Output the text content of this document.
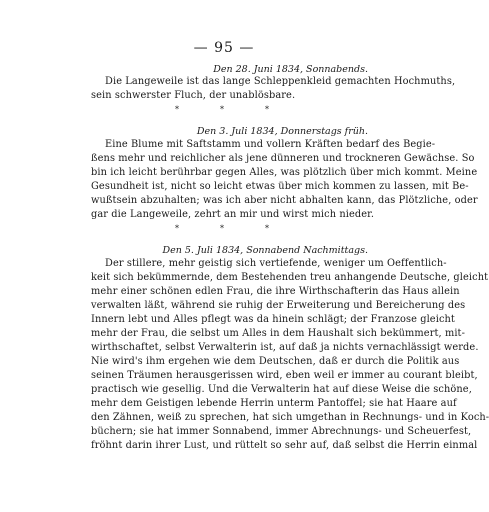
— 95 —
Den 28. Juni 1834, Sonnabends.
Die Langeweile ist das lange Schleppenkleid gemachten Hochmuths,
sein schwerster Fluch, der unablösbare.
*	*	*
Den 3. Juli 1834, Donnerstags früh.
Eine Blume mit Saftstamm und vollern Kräften bedarf des Begie-
ßens mehr und reichlicher als jene dünneren und trockneren Gewächse. So
bin ich leicht berührbar gegen Alles, was plötzlich über mich kommt. Meine
Gesundheit ist, nicht so leicht etwas über mich kommen zu lassen, mit Be-
wußtsein abzuhalten; was ich aber nicht abhalten kann, das Plötzliche, oder
gar die Langeweile, zehrt an mir und wirst mich nieder.
*	*	*
Den 5. Juli 1834, Sonnabend Nachmittags.
Der stillere, mehr geistig sich vertiefende, weniger um Oeffentlich-
keit sich bekümmernde, dem Bestehenden treu anhangende Deutsche, gleicht
mehr einer schönen edlen Frau, die ihre Wirthschafterin das Haus allein
verwalten läßt, während sie ruhig der Erweiterung und Bereicherung des
Innern lebt und Alles pflegt was da hinein schlägt; der Franzose gleicht
mehr der Frau, die selbst um Alles in dem Haushalt sich bekümmert, mit-
wirthschaftet, selbst Verwalterin ist, auf daß ja nichts vernachlässigt werde.
Nie wird's ihm ergehen wie dem Deutschen, daß er durch die Politik aus
seinen Träumen herausgerissen wird, eben weil er immer au courant bleibt,
practisch wie gesellig. Und die Verwalterin hat auf diese Weise die schöne,
mehr dem Geistigen lebende Herrin unterm Pantoffel; sie hat Haare auf
den Zähnen, weiß zu sprechen, hat sich umgethan in Rechnungs- und in Koch-
büchern; sie hat immer Sonnabend, immer Abrechnungs- und Scheuerfest,
fröhnt darin ihrer Lust, und rüttelt so sehr auf, daß selbst die Herrin einmal
